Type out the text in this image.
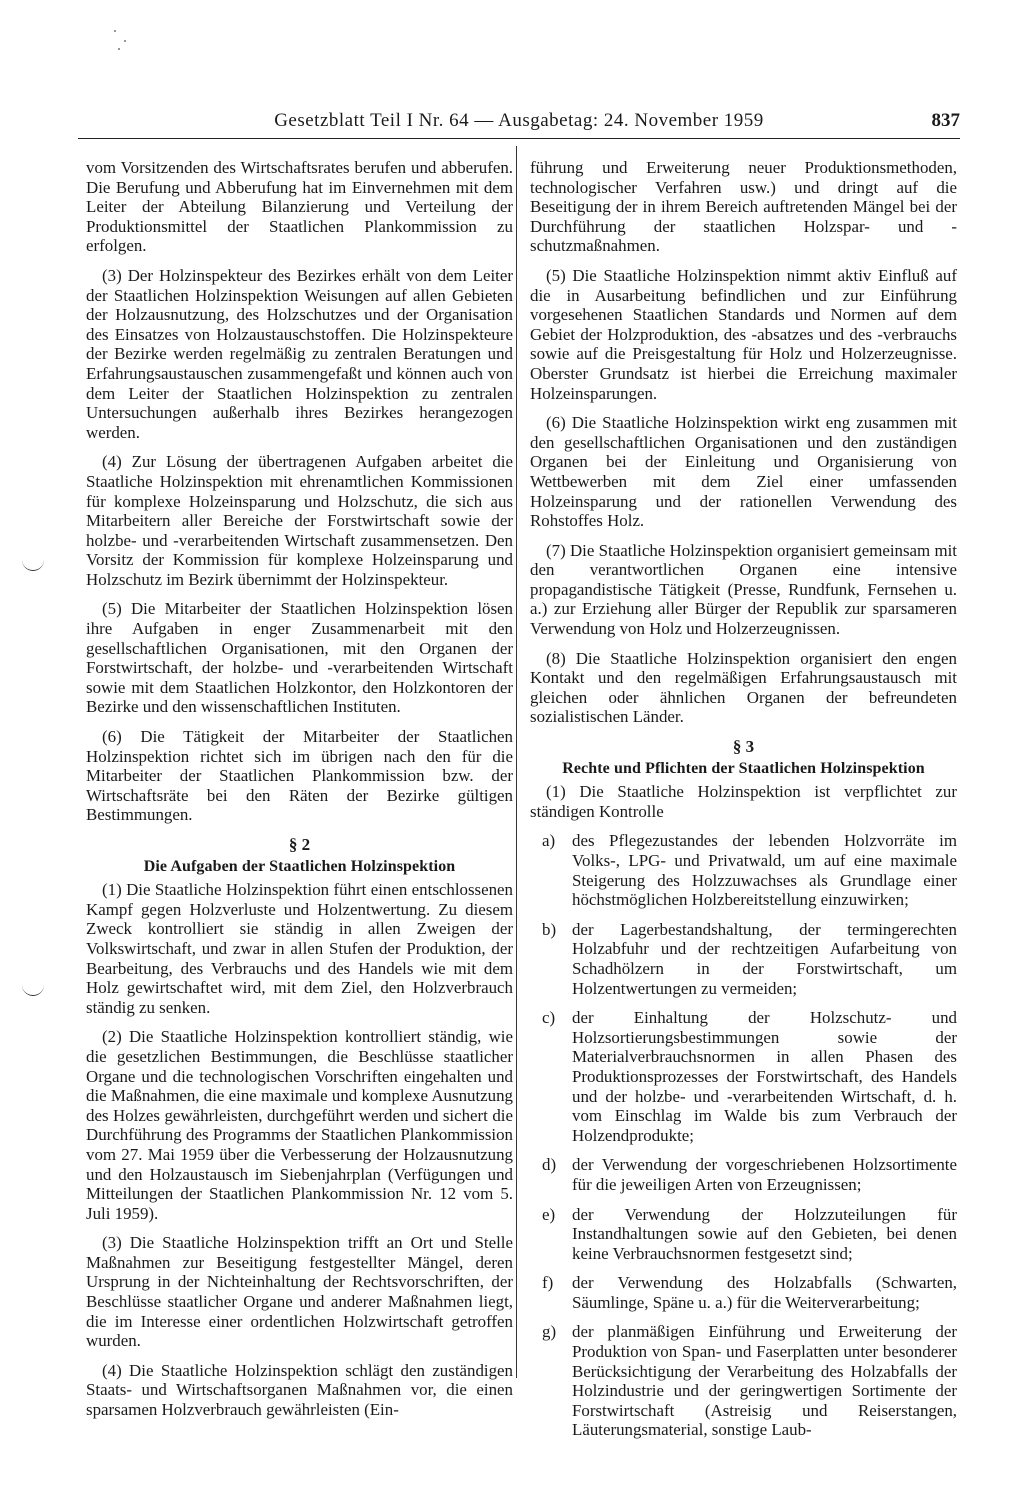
Gesetzblatt Teil I Nr. 64 — Ausgabetag: 24. November 1959	837

vom Vorsitzenden des Wirtschaftsrates berufen und abberufen. Die Berufung und Abberufung hat im Einvernehmen mit dem Leiter der Abteilung Bilanzierung und Verteilung der Produktionsmittel der Staatlichen Plankommission zu erfolgen.

(3) Der Holzinspekteur des Bezirkes erhält von dem Leiter der Staatlichen Holzinspektion Weisungen auf allen Gebieten der Holzausnutzung, des Holzschutzes und der Organisation des Einsatzes von Holzaustauschstoffen. Die Holzinspekteure der Bezirke werden regelmäßig zu zentralen Beratungen und Erfahrungsaustauschen zusammengefaßt und können auch von dem Leiter der Staatlichen Holzinspektion zu zentralen Untersuchungen außerhalb ihres Bezirkes herangezogen werden.

(4) Zur Lösung der übertragenen Aufgaben arbeitet die Staatliche Holzinspektion mit ehrenamtlichen Kommissionen für komplexe Holzeinsparung und Holzschutz, die sich aus Mitarbeitern aller Bereiche der Forstwirtschaft sowie der holzbe- und -verarbeitenden Wirtschaft zusammensetzen. Den Vorsitz der Kommission für komplexe Holzeinsparung und Holzschutz im Bezirk übernimmt der Holzinspekteur.

(5) Die Mitarbeiter der Staatlichen Holzinspektion lösen ihre Aufgaben in enger Zusammenarbeit mit den gesellschaftlichen Organisationen, mit den Organen der Forstwirtschaft, der holzbe- und -verarbeitenden Wirtschaft sowie mit dem Staatlichen Holzkontor, den Holzkontoren der Bezirke und den wissenschaftlichen Instituten.

(6) Die Tätigkeit der Mitarbeiter der Staatlichen Holzinspektion richtet sich im übrigen nach den für die Mitarbeiter der Staatlichen Plankommission bzw. der Wirtschaftsräte bei den Räten der Bezirke gültigen Bestimmungen.

§ 2
Die Aufgaben der Staatlichen Holzinspektion

(1) Die Staatliche Holzinspektion führt einen entschlossenen Kampf gegen Holzverluste und Holzentwertung. Zu diesem Zweck kontrolliert sie ständig in allen Zweigen der Volkswirtschaft, und zwar in allen Stufen der Produktion, der Bearbeitung, des Verbrauchs und des Handels wie mit dem Holz gewirtschaftet wird, mit dem Ziel, den Holzverbrauch ständig zu senken.

(2) Die Staatliche Holzinspektion kontrolliert ständig, wie die gesetzlichen Bestimmungen, die Beschlüsse staatlicher Organe und die technologischen Vorschriften eingehalten und die Maßnahmen, die eine maximale und komplexe Ausnutzung des Holzes gewährleisten, durchgeführt werden und sichert die Durchführung des Programms der Staatlichen Plankommission vom 27. Mai 1959 über die Verbesserung der Holzausnutzung und den Holzaustausch im Siebenjahrplan (Verfügungen und Mitteilungen der Staatlichen Plankommission Nr. 12 vom 5. Juli 1959).

(3) Die Staatliche Holzinspektion trifft an Ort und Stelle Maßnahmen zur Beseitigung festgestellter Mängel, deren Ursprung in der Nichteinhaltung der Rechtsvorschriften, der Beschlüsse staatlicher Organe und anderer Maßnahmen liegt, die im Interesse einer ordentlichen Holzwirtschaft getroffen wurden.

(4) Die Staatliche Holzinspektion schlägt den zuständigen Staats- und Wirtschaftsorganen Maßnahmen vor, die einen sparsamen Holzverbrauch gewährleisten (Ein-

führung und Erweiterung neuer Produktionsmethoden, technologischer Verfahren usw.) und dringt auf die Beseitigung der in ihrem Bereich auftretenden Mängel bei der Durchführung der staatlichen Holzspar- und -schutzmaßnahmen.

(5) Die Staatliche Holzinspektion nimmt aktiv Einfluß auf die in Ausarbeitung befindlichen und zur Einführung vorgesehenen Staatlichen Standards und Normen auf dem Gebiet der Holzproduktion, des -absatzes und des -verbrauchs sowie auf die Preisgestaltung für Holz und Holzerzeugnisse. Oberster Grundsatz ist hierbei die Erreichung maximaler Holzeinsparungen.

(6) Die Staatliche Holzinspektion wirkt eng zusammen mit den gesellschaftlichen Organisationen und den zuständigen Organen bei der Einleitung und Organisierung von Wettbewerben mit dem Ziel einer umfassenden Holzeinsparung und der rationellen Verwendung des Rohstoffes Holz.

(7) Die Staatliche Holzinspektion organisiert gemeinsam mit den verantwortlichen Organen eine intensive propagandistische Tätigkeit (Presse, Rundfunk, Fernsehen u. a.) zur Erziehung aller Bürger der Republik zur sparsameren Verwendung von Holz und Holzerzeugnissen.

(8) Die Staatliche Holzinspektion organisiert den engen Kontakt und den regelmäßigen Erfahrungsaustausch mit gleichen oder ähnlichen Organen der befreundeten sozialistischen Länder.

§ 3
Rechte und Pflichten der Staatlichen Holzinspektion

(1) Die Staatliche Holzinspektion ist verpflichtet zur ständigen Kontrolle

a) des Pflegezustandes der lebenden Holzvorräte im Volks-, LPG- und Privatwald, um auf eine maximale Steigerung des Holzzuwachses als Grundlage einer höchstmöglichen Holzbereitstellung einzuwirken;
b) der Lagerbestandshaltung, der termingerechten Holzabfuhr und der rechtzeitigen Aufarbeitung von Schadhölzern in der Forstwirtschaft, um Holzentwertungen zu vermeiden;
c) der Einhaltung der Holzschutz- und Holzsortierungsbestimmungen sowie der Materialverbrauchsnormen in allen Phasen des Produktionsprozesses der Forstwirtschaft, des Handels und der holzbe- und -verarbeitenden Wirtschaft, d. h. vom Einschlag im Walde bis zum Verbrauch der Holzendprodukte;
d) der Verwendung der vorgeschriebenen Holzsortimente für die jeweiligen Arten von Erzeugnissen;
e) der Verwendung der Holzzuteilungen für Instandhaltungen sowie auf den Gebieten, bei denen keine Verbrauchsnormen festgesetzt sind;
f)	der Verwendung des Holzabfalls (Schwarten, Säumlinge, Späne u. a.) für die Weiterverarbeitung;
g) der planmäßigen Einführung und Erweiterung der Produktion von Span- und Faserplatten unter besonderer Berücksichtigung der Verarbeitung des Holzabfalls der Holzindustrie und der geringwertigen Sortimente der Forstwirtschaft (Astreisig und Reiserstangen, Läuterungsmaterial, sonstige Laub-
